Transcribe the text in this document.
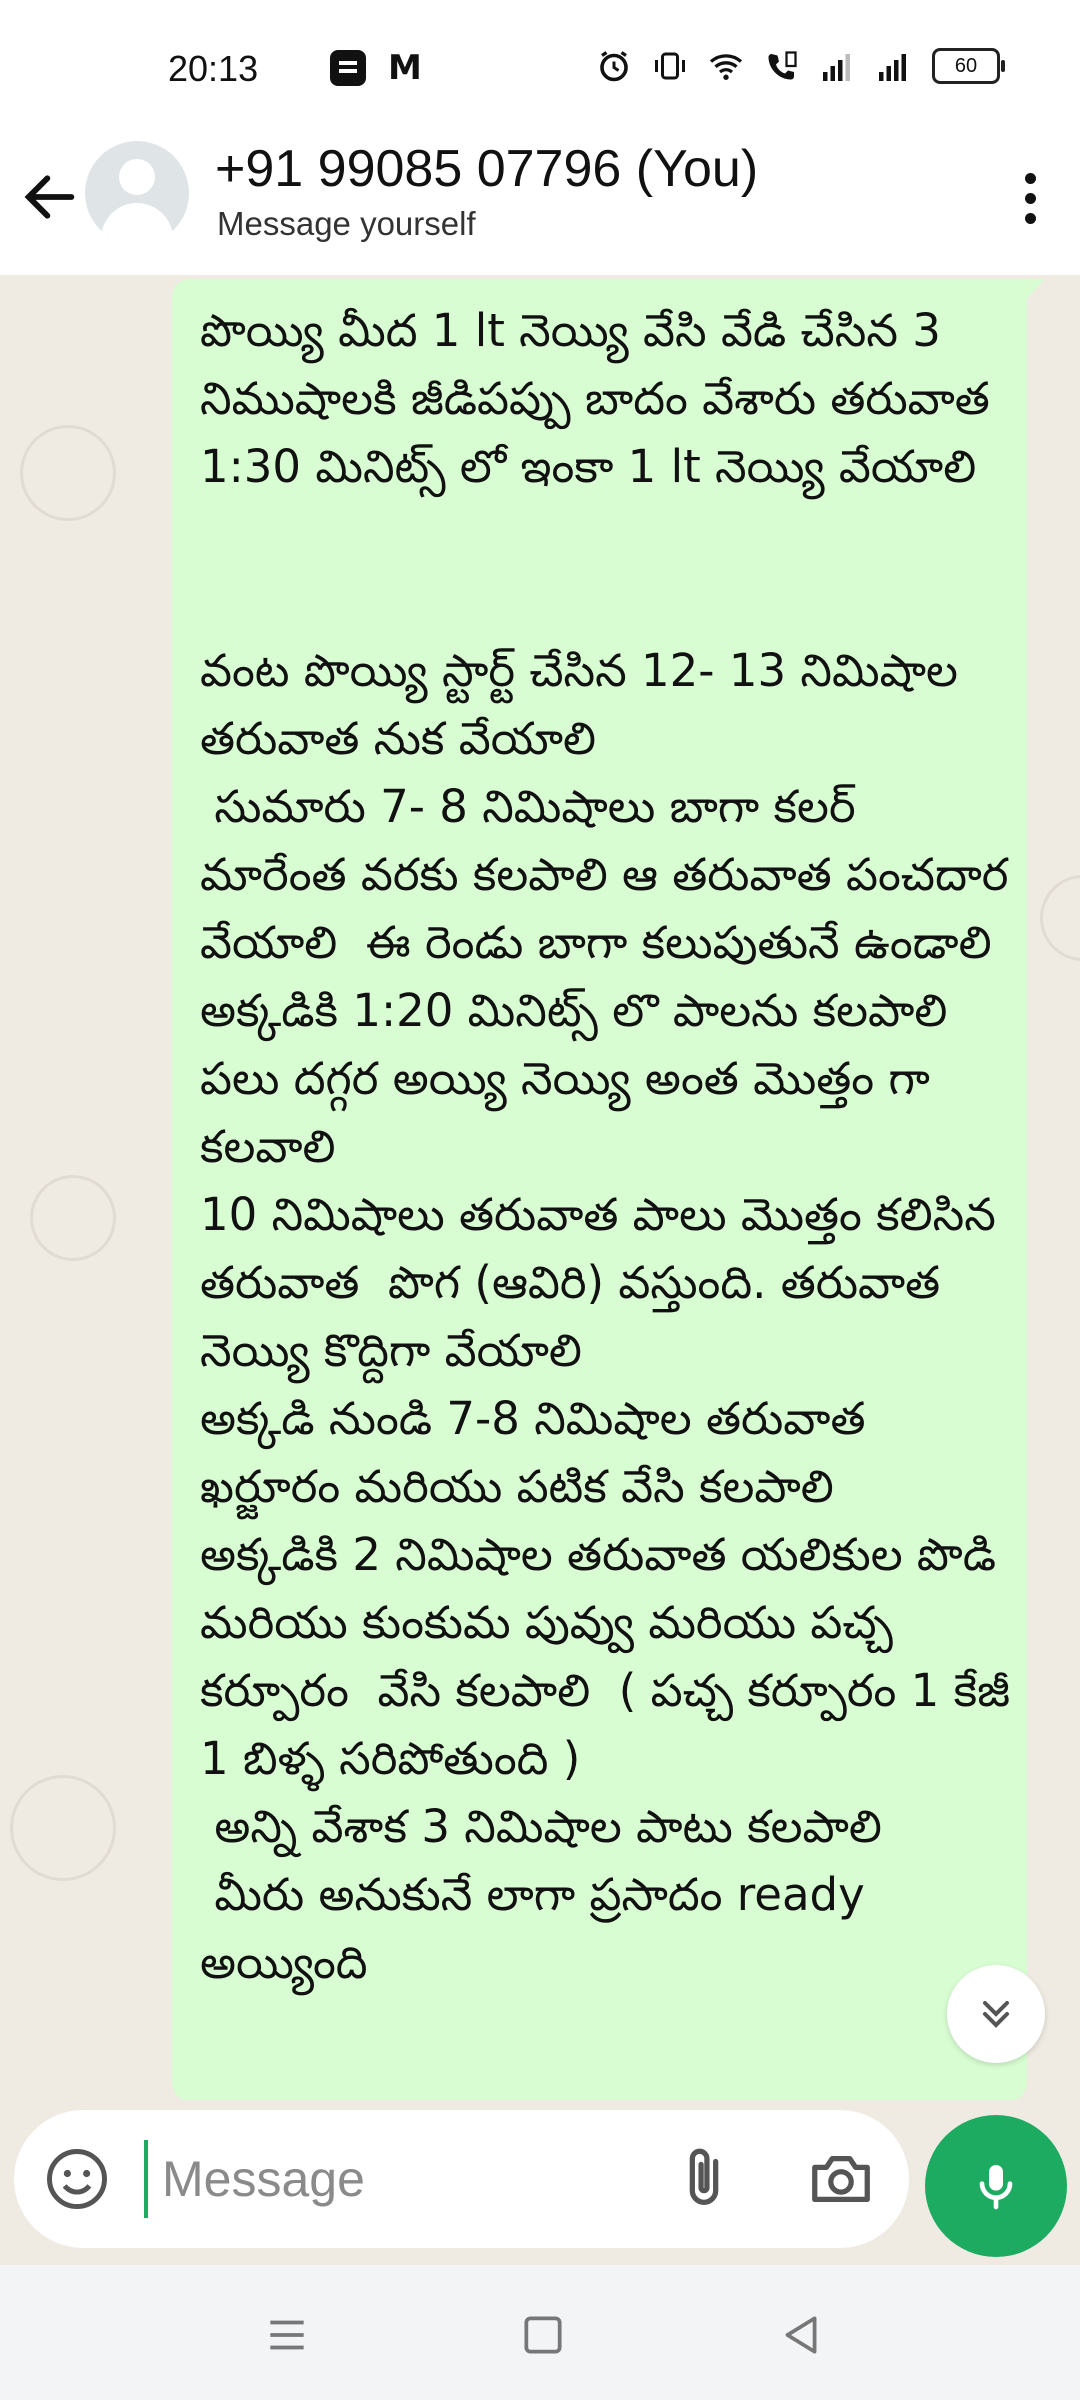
20:13	M	60
+91 99085 07796 (You)
Message yourself
పొయ్యి మీద 1 lt నెయ్యి వేసి వేడి చేసిన 3 నిముషాలకి జీడిపప్పు బాదం వేశారు తరువాత 1:30 మినిట్స్ లో ఇంకా 1 lt నెయ్యి వేయాలి

వంట పొయ్యి స్టార్ట్ చేసిన 12- 13 నిమిషాల తరువాత నుక వేయాలి
సుమారు 7- 8 నిమిషాలు బాగా కలర్ మారేంత వరకు కలపాలి ఆ తరువాత పంచదార వేయాలి  ఈ రెండు బాగా కలుపుతునే ఉండాలి  అక్కడికి 1:20 మినిట్స్ లొ పాలను కలపాలి
పలు దగ్గర అయ్యి నెయ్యి అంత మొత్తం గా కలవాలి
10 నిమిషాలు తరువాత పాలు మొత్తం కలిసిన తరువాత  పొగ (ఆవిరి) వస్తుంది. తరువాత నెయ్యి కొద్దిగా వేయాలి
అక్కడి నుండి 7-8 నిమిషాల తరువాత ఖర్జూరం మరియు పటిక వేసి కలపాలి
అక్కడికి 2 నిమిషాల తరువాత యలికుల పొడి మరియు కుంకుమ పువ్వు మరియు పచ్చ కర్పూరం  వేసి కలపాలి  ( పచ్చ కర్పూరం 1 కేజీ 1 బిళ్ళ సరిపోతుంది )
అన్ని వేశాక 3 నిమిషాల పాటు కలపాలి
మీరు అనుకునే లాగా ప్రసాదం ready అయ్యింది
Message
